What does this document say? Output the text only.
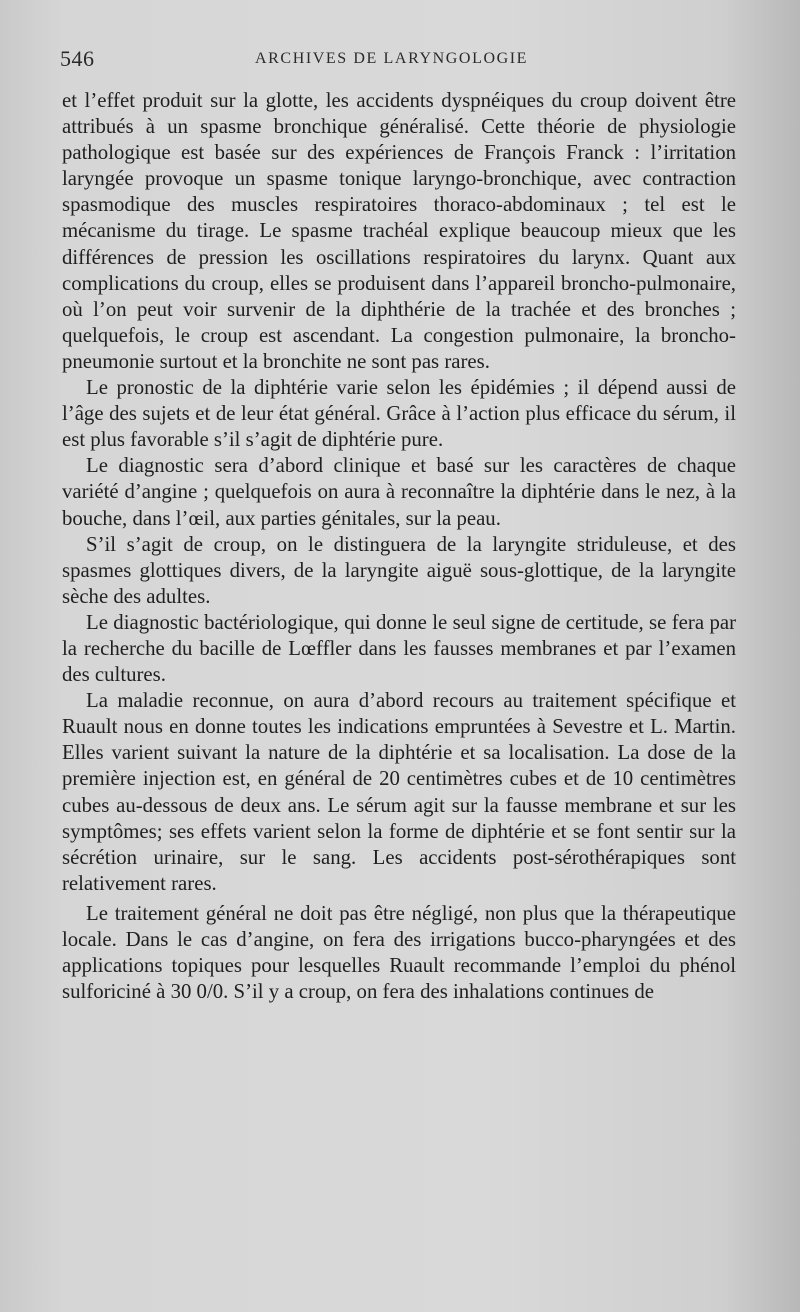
546	ARCHIVES DE LARYNGOLOGIE

et l’effet produit sur la glotte, les accidents dyspnéiques du croup doivent être attribués à un spasme bronchique généralisé. Cette théorie de physiologie pathologique est basée sur des expériences de François Franck : l’irritation laryngée provoque un spasme tonique laryngo-bronchique, avec contraction spasmodique des muscles respiratoires thoraco-abdominaux ; tel est le mécanisme du tirage. Le spasme trachéal explique beaucoup mieux que les différences de pression les oscillations respiratoires du larynx. Quant aux complications du croup, elles se produisent dans l’appareil broncho-pulmonaire, où l’on peut voir survenir de la diphthérie de la trachée et des bronches ; quelquefois, le croup est ascendant. La congestion pulmonaire, la broncho-pneumonie surtout et la bronchite ne sont pas rares.

Le pronostic de la diphtérie varie selon les épidémies ; il dépend aussi de l’âge des sujets et de leur état général. Grâce à l’action plus efficace du sérum, il est plus favorable s’il s’agit de diphtérie pure.

Le diagnostic sera d’abord clinique et basé sur les caractères de chaque variété d’angine ; quelquefois on aura à reconnaître la diphtérie dans le nez, à la bouche, dans l’œil, aux parties génitales, sur la peau.

S’il s’agit de croup, on le distinguera de la laryngite striduleuse, et des spasmes glottiques divers, de la laryngite aiguë sous-glottique, de la laryngite sèche des adultes.

Le diagnostic bactériologique, qui donne le seul signe de certitude, se fera par la recherche du bacille de Lœffler dans les fausses membranes et par l’examen des cultures.

La maladie reconnue, on aura d’abord recours au traitement spécifique et Ruault nous en donne toutes les indications empruntées à Sevestre et L. Martin. Elles varient suivant la nature de la diphtérie et sa localisation. La dose de la première injection est, en général de 20 centimètres cubes et de 10 centimètres cubes au-dessous de deux ans. Le sérum agit sur la fausse membrane et sur les symptômes; ses effets varient selon la forme de diphtérie et se font sentir sur la sécrétion urinaire, sur le sang. Les accidents post-sérothérapiques sont relativement rares.

Le traitement général ne doit pas être négligé, non plus que la thérapeutique locale. Dans le cas d’angine, on fera des irrigations bucco-pharyngées et des applications topiques pour lesquelles Ruault recommande l’emploi du phénol sulforiciné à 30 0/0. S’il y a croup, on fera des inhalations continues de
